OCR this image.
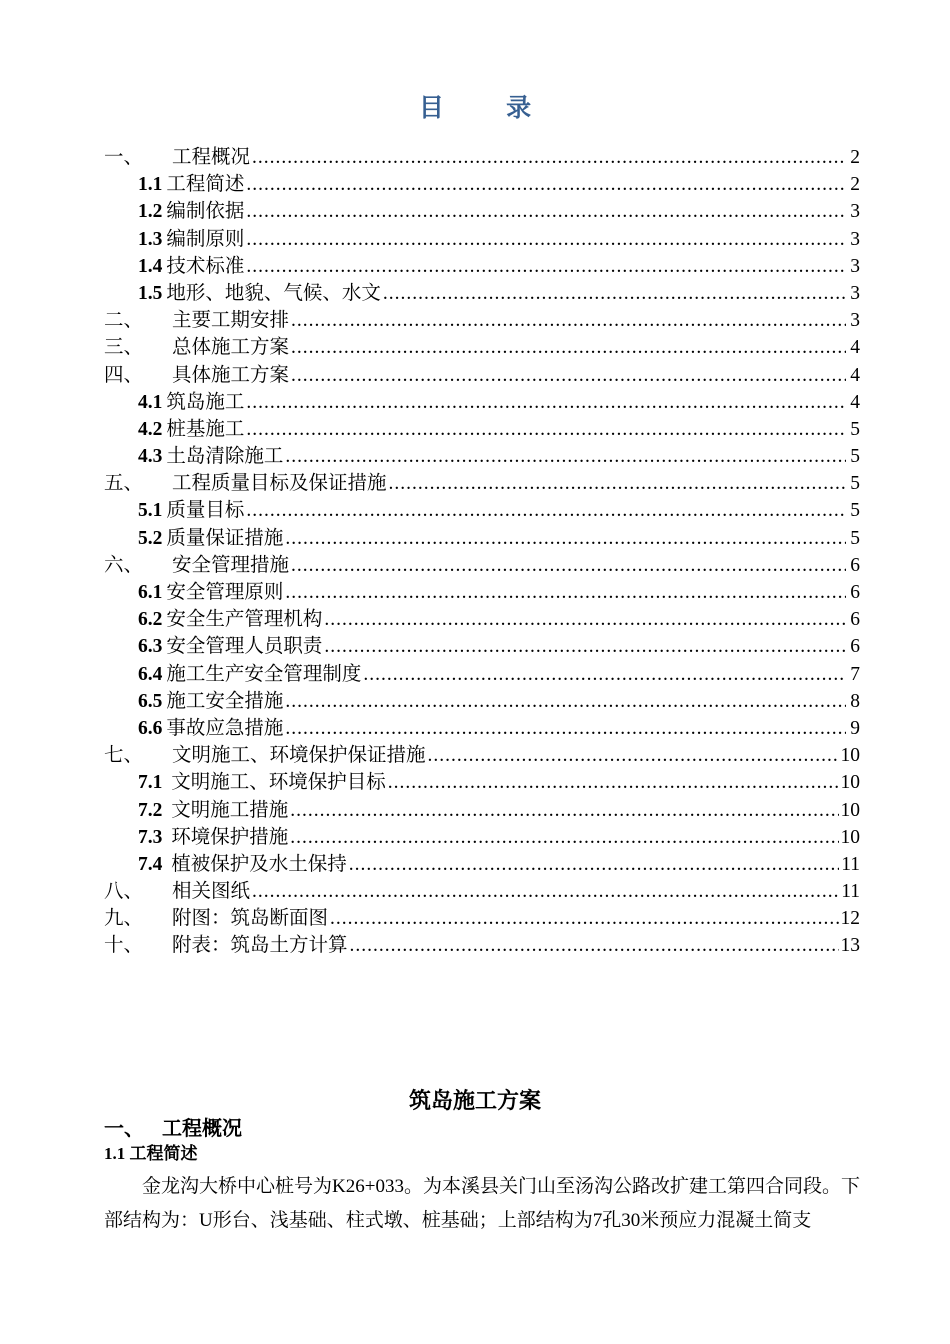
目 录
一、	工程概况 .....	2
1.1 工程简述 .....	2
1.2 编制依据 .....	3
1.3 编制原则 .....	3
1.4 技术标准 .....	3
1.5 地形、地貌、气候、水文 .....	3
二、	主要工期安排 .....	3
三、	总体施工方案 .....	4
四、	具体施工方案 .....	4
4.1 筑岛施工 .....	4
4.2 桩基施工 .....	5
4.3 土岛清除施工 .....	5
五、	工程质量目标及保证措施 .....	5
5.1 质量目标 .....	5
5.2 质量保证措施 .....	5
六、	安全管理措施 .....	6
6.1 安全管理原则 .....	6
6.2 安全生产管理机构 .....	6
6.3 安全管理人员职责 .....	6
6.4 施工生产安全管理制度 .....	7
6.5 施工安全措施 .....	8
6.6 事故应急措施 .....	9
七、	文明施工、环境保护保证措施 .....	10
7.1 文明施工、环境保护目标 .....	10
7.2 文明施工措施 .....	10
7.3 环境保护措施 .....	10
7.4 植被保护及水土保持 .....	11
八、	相关图纸 .....	11
九、	附图：筑岛断面图 .....	12
十、	附表：筑岛土方计算 .....	13
筑岛施工方案
一、 工程概况
1.1 工程简述
金龙沟大桥中心桩号为K26+033。为本溪县关门山至汤沟公路改扩建工第四合同段。下部结构为：U形台、浅基础、柱式墩、桩基础；上部结构为7孔30米预应力混凝土简支
